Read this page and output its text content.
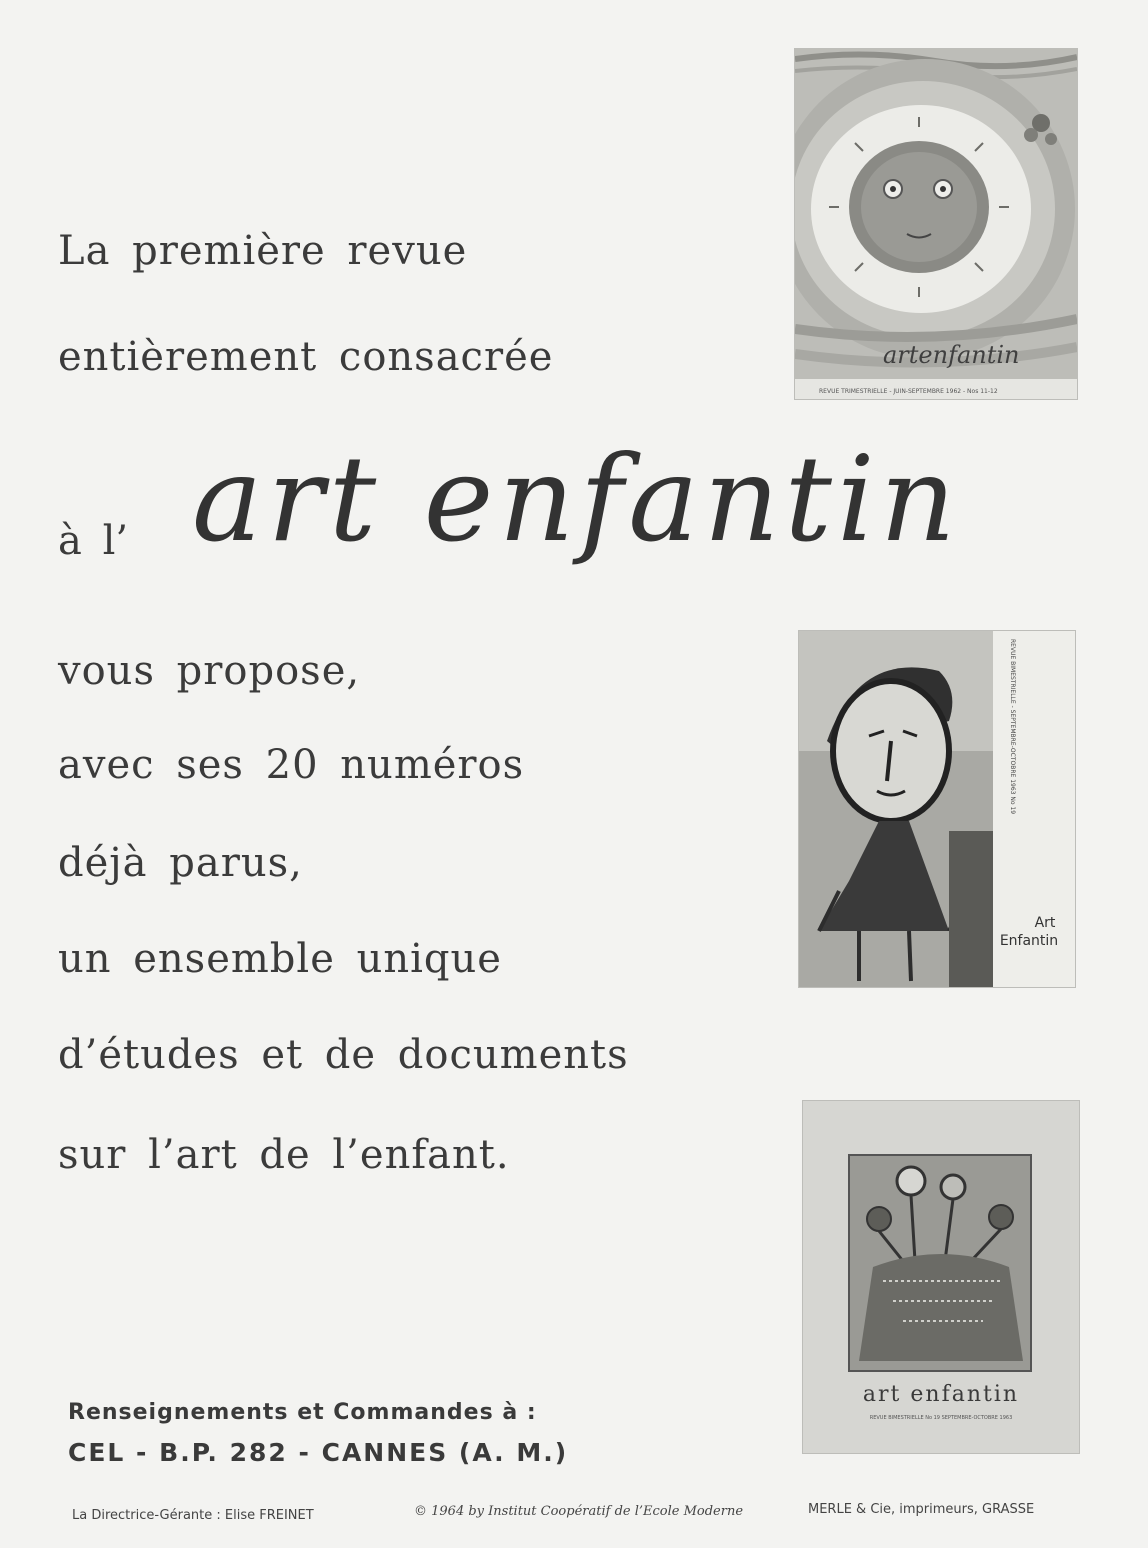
La première revue
entièrement consacrée
à l’ art enfantin
vous propose,
avec ses 20 numéros
déjà parus,
un ensemble unique
d’études et de documents
sur l’art de l’enfant.
artenfantin
REVUE TRIMESTRIELLE - JUIN-SEPTEMBRE 1962 - Nos 11-12
REVUE BIMESTRIELLE - SEPTEMBRE-OCTOBRE 1963 No 19
Art
Enfantin
art enfantin
REVUE BIMESTRIELLE No 19 SEPTEMBRE-OCTOBRE 1963
Renseignements et Commandes à :
CEL - B.P. 282 - CANNES (A. M.)
La Directrice-Gérante : Elise FREINET	© 1964 by Institut Coopératif de l’Ecole Moderne	MERLE & Cie, imprimeurs, GRASSE
